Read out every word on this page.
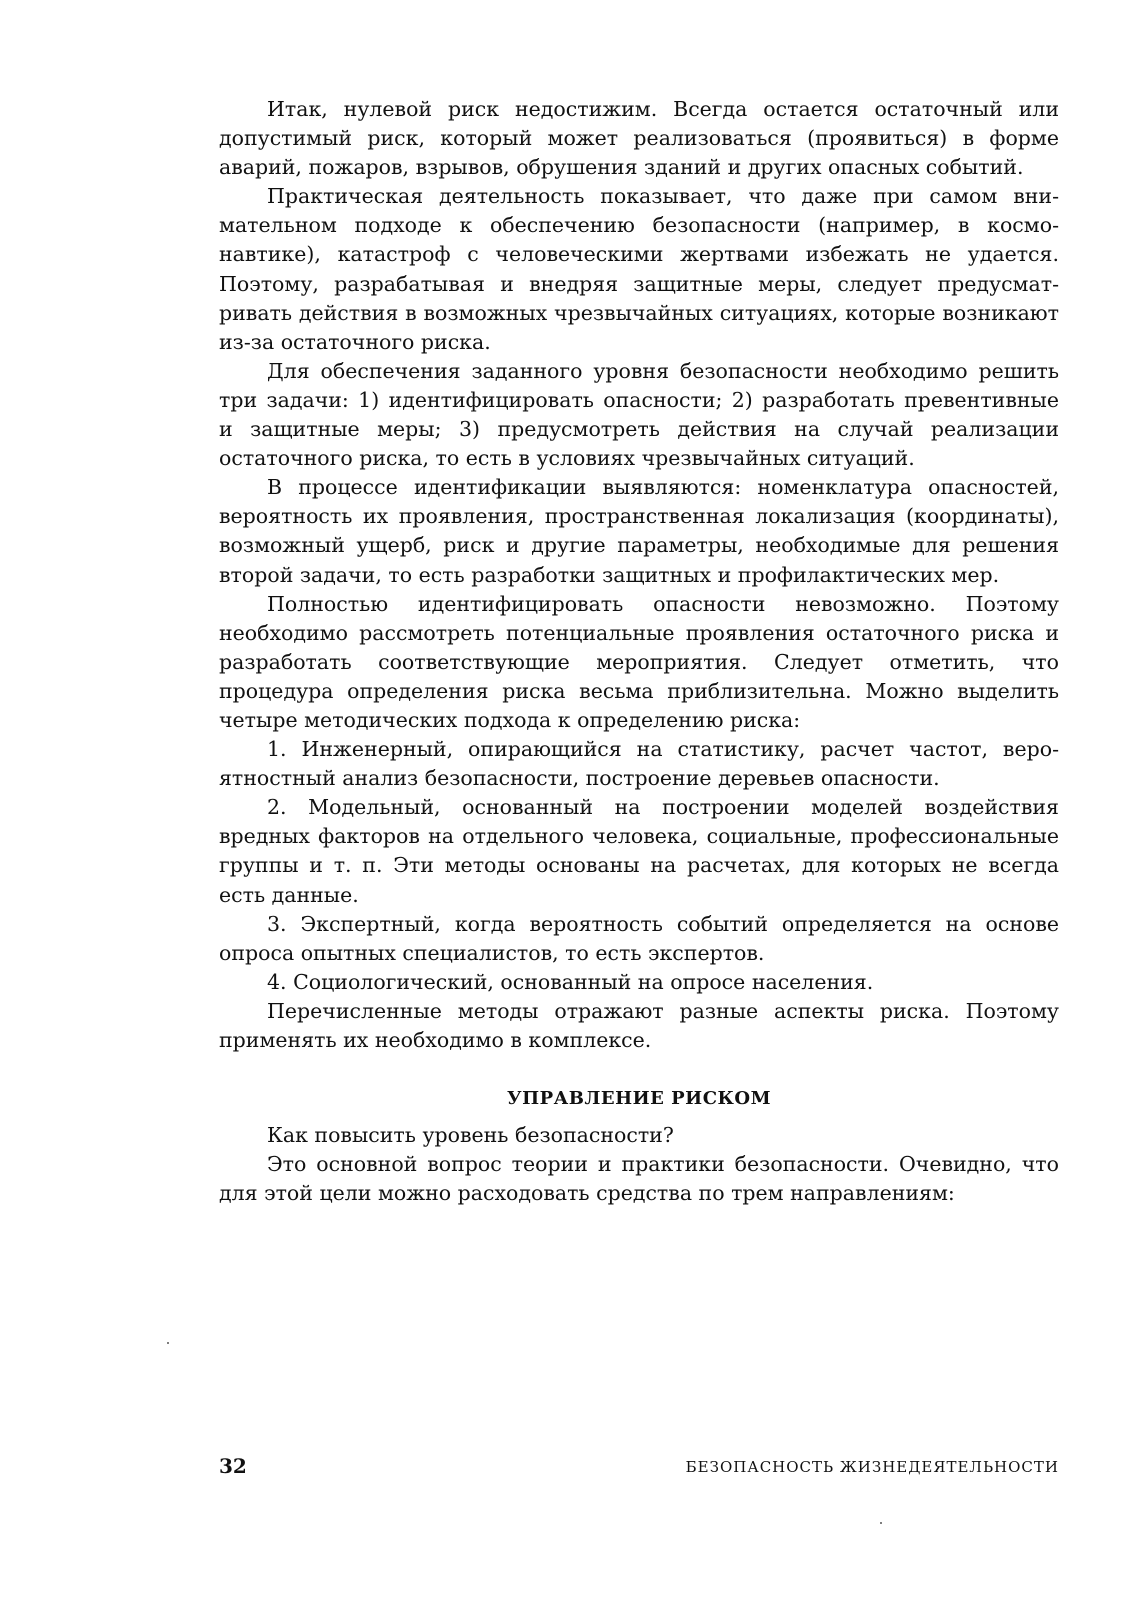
Итак, нулевой риск недостижим. Всегда остается остаточный или допустимый риск, который может реализоваться (проявиться) в форме аварий, пожаров, взрывов, обрушения зданий и других опасных событий.

Практическая деятельность показывает, что даже при самом внимательном подходе к обеспечению безопасности (например, в космонавтике), катастроф с человеческими жертвами избежать не удается. Поэтому, разрабатывая и внедряя защитные меры, следует предусматривать действия в возможных чрезвычайных ситуациях, которые возникают из-за остаточного риска.

Для обеспечения заданного уровня безопасности необходимо решить три задачи: 1) идентифицировать опасности; 2) разработать превентивные и защитные меры; 3) предусмотреть действия на случай реализации остаточного риска, то есть в условиях чрезвычайных ситуаций.

В процессе идентификации выявляются: номенклатура опасностей, вероятность их проявления, пространственная локализация (координаты), возможный ущерб, риск и другие параметры, необходимые для решения второй задачи, то есть разработки защитных и профилактических мер.

Полностью идентифицировать опасности невозможно. Поэтому необходимо рассмотреть потенциальные проявления остаточного риска и разработать соответствующие мероприятия. Следует отметить, что процедура определения риска весьма приблизительна. Можно выделить четыре методических подхода к определению риска:

1. Инженерный, опирающийся на статистику, расчет частот, вероятностный анализ безопасности, построение деревьев опасности.

2. Модельный, основанный на построении моделей воздействия вредных факторов на отдельного человека, социальные, профессиональные группы и т. п. Эти методы основаны на расчетах, для которых не всегда есть данные.

3. Экспертный, когда вероятность событий определяется на основе опроса опытных специалистов, то есть экспертов.

4. Социологический, основанный на опросе населения.

Перечисленные методы отражают разные аспекты риска. Поэтому применять их необходимо в комплексе.

УПРАВЛЕНИЕ РИСКОМ

Как повысить уровень безопасности?

Это основной вопрос теории и практики безопасности. Очевидно, что для этой цели можно расходовать средства по трем направлениям:

32	БЕЗОПАСНОСТЬ ЖИЗНЕДЕЯТЕЛЬНОСТИ
